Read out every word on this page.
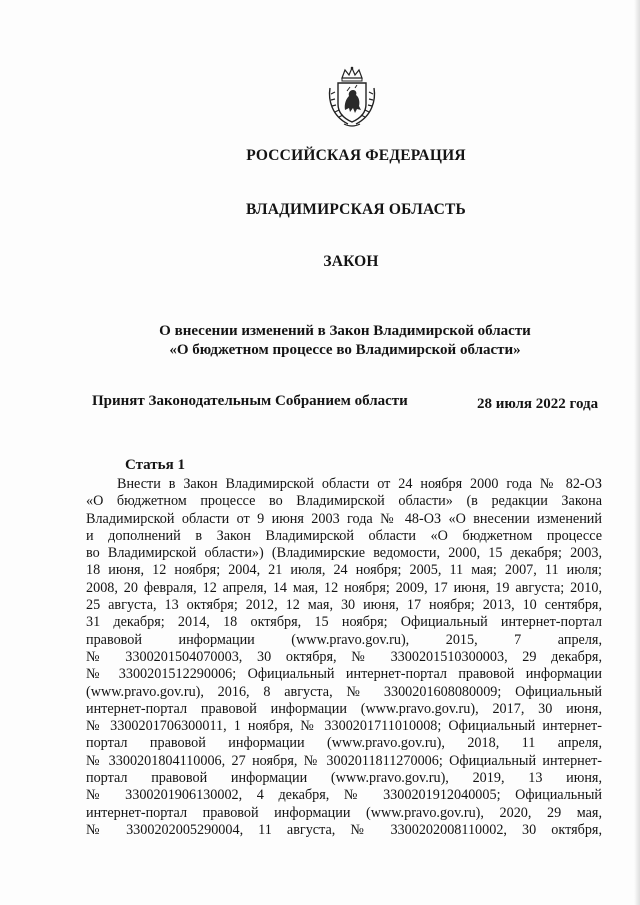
РОССИЙСКАЯ ФЕДЕРАЦИЯ
ВЛАДИМИРСКАЯ ОБЛАСТЬ
ЗАКОН
О внесении изменений в Закон Владимирской области
«О бюджетном процессе во Владимирской области»
Принят Законодательным Собранием области	28 июля 2022 года
Статья 1
Внести в Закон Владимирской области от 24 ноября 2000 года № 82-ОЗ
«О бюджетном процессе во Владимирской области» (в редакции Закона
Владимирской области от 9 июня 2003 года № 48-ОЗ «О внесении изменений
и дополнений в Закон Владимирской области «О бюджетном процессе
во Владимирской области») (Владимирские ведомости, 2000, 15 декабря; 2003,
18 июня, 12 ноября; 2004, 21 июля, 24 ноября; 2005, 11 мая; 2007, 11 июля;
2008, 20 февраля, 12 апреля, 14 мая, 12 ноября; 2009, 17 июня, 19 августа; 2010,
25 августа, 13 октября; 2012, 12 мая, 30 июня, 17 ноября; 2013, 10 сентября,
31 декабря; 2014, 18 октября, 15 ноября; Официальный интернет-портал
правовой информации (www.pravo.gov.ru), 2015, 7 апреля,
№ 3300201504070003, 30 октября, № 3300201510300003, 29 декабря,
№ 3300201512290006; Официальный интернет-портал правовой информации
(www.pravo.gov.ru), 2016, 8 августа, № 3300201608080009; Официальный
интернет-портал правовой информации (www.pravo.gov.ru), 2017, 30 июня,
№ 3300201706300011, 1 ноября, № 3300201711010008; Официальный интернет-
портал правовой информации (www.pravo.gov.ru), 2018, 11 апреля,
№ 3300201804110006, 27 ноября, № 3002011811270006; Официальный интернет-
портал правовой информации (www.pravo.gov.ru), 2019, 13 июня,
№ 3300201906130002, 4 декабря, № 3300201912040005; Официальный
интернет-портал правовой информации (www.pravo.gov.ru), 2020, 29 мая,
№ 3300202005290004, 11 августа, № 3300202008110002, 30 октября,
